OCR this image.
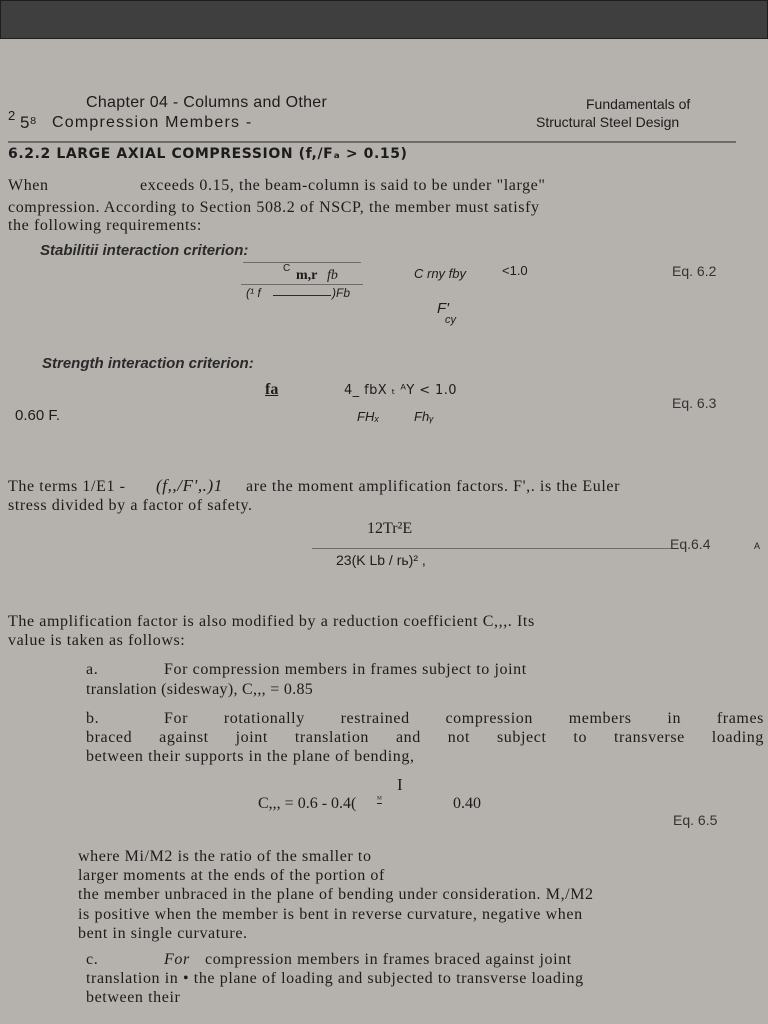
2 5⁸
Chapter 04 - Columns and Other
Compression Members -
Fundamentals of
Structural Steel Design
6.2.2 LARGE AXIAL COMPRESSION (f,/Fₐ > 0.15)
When	exceeds 0.15, the beam-column is said to be under "large"
compression. According to Section 508.2 of NSCP, the member must satisfy
the following requirements:
Stabilitii interaction criterion:
C m,r fb
(¹ f	)Fb
C rny fby	<1.0	Eq. 6.2
F'
cy
Strength interaction criterion:
fa	4_ fbX ₜ ᴬY < 1.0
0.60 F.	FHₓ	Fhᵧ
Eq. 6.3
The terms 1/E1 - (f,,/F',.)1 are the moment amplification factors. F',. is the Euler
stress divided by a factor of safety.
12Tr²E
23(K Lb / rь)² ,
Eq.6.4	A
The amplification factor is also modified by a reduction coefficient C,,,. Its
value is taken as follows:
a.	For compression members in frames subject to joint
translation (sidesway), C,,, = 0.85
b.	For rotationally restrained compression members in frames
braced against joint translation and not subject to transverse loading
between their supports in the plane of bending,
I
C,,, = 0.6 - 0.4( ᴹ	0.40
Eq. 6.5
where Mi/M2 is the ratio of the smaller to
larger moments at the ends of the portion of
the member unbraced in the plane of bending under consideration. M,/M2
is positive when the member is bent in reverse curvature, negative when
bent in single curvature.
c.	For compression members in frames braced against joint
translation in • the plane of loading and subjected to transverse loading
between their
